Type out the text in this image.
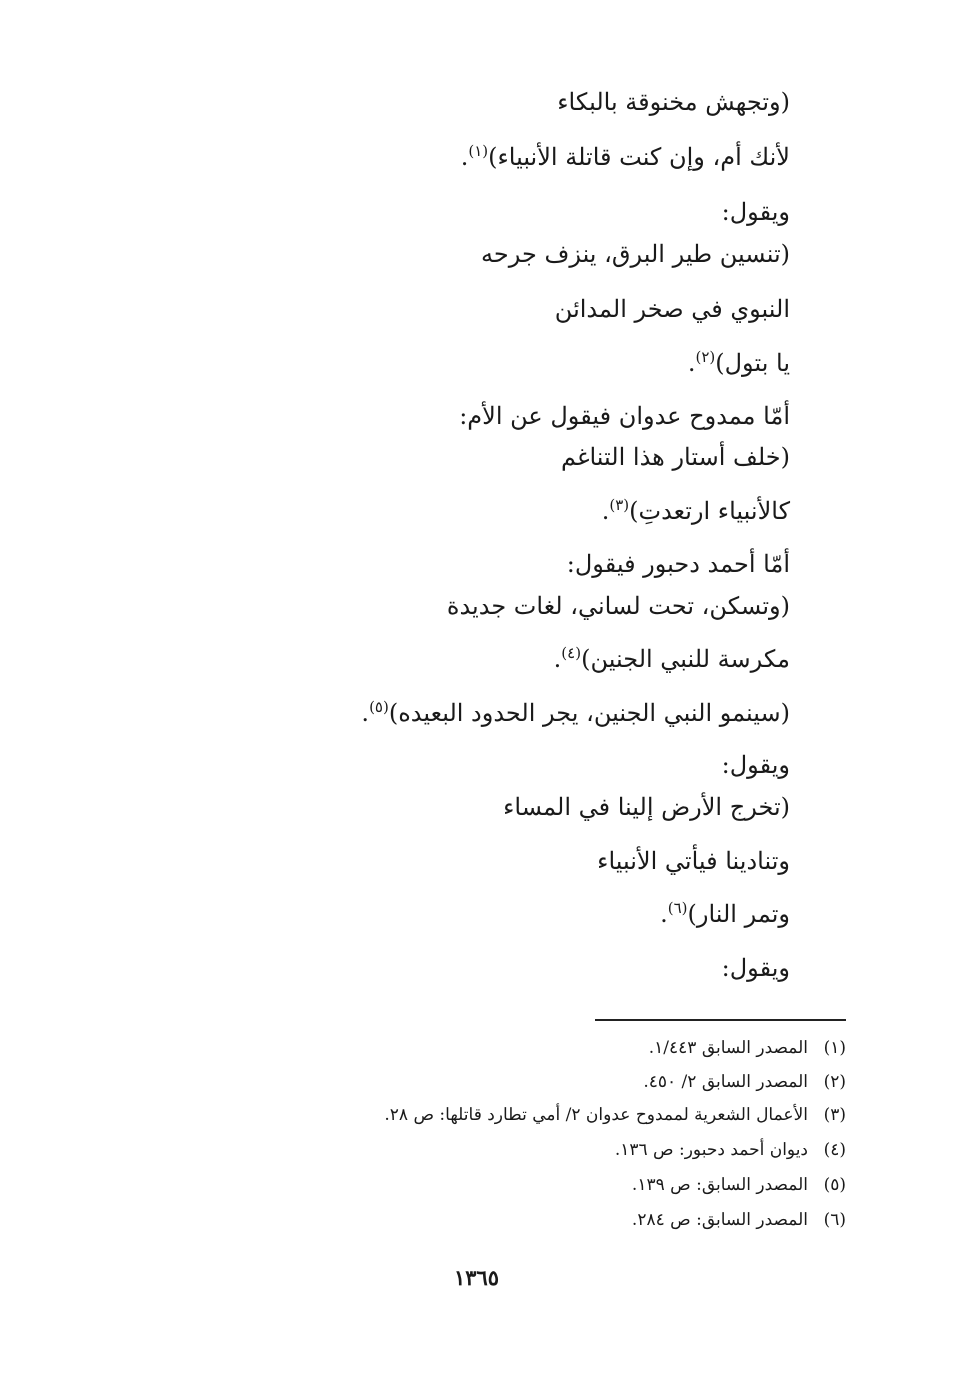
(وتجهش مخنوقة بالبكاء
لأنك أم، وإن كنت قاتلة الأنبياء)$^{(١)}$.
ويقول:
(تنسين طير البرق، ينزف جرحه
النبوي في صخر المدائن
يا بتول)$^{(٢)}$.
أمّا ممدوح عدوان فيقول عن الأم:
(خلف أستار هذا التناغم
كالأنبياء ارتعدتِ)$^{(٣)}$.
أمّا أحمد دحبور فيقول:
(وتسكن، تحت لساني، لغات جديدة
مكرسة للنبي الجنين)$^{(٤)}$.
(سينمو النبي الجنين، يجر الحدود البعيده)$^{(٥)}$.
ويقول:
(تخرج الأرض إلينا في المساء
وتنادينا فيأتي الأنبياء
وتمر النار)$^{(٦)}$.
ويقول:
(١)المصدر السابق ١/٤٤٣.
(٢)المصدر السابق ٢/ ٤٥٠.
(٣)الأعمال الشعرية لممدوح عدوان ٢/ أمي تطارد قاتلها: ص ٢٨.
(٤)ديوان أحمد دحبور: ص ١٣٦.
(٥)المصدر السابق: ص ١٣٩.
(٦)المصدر السابق: ص ٢٨٤.
١٣٦٥
